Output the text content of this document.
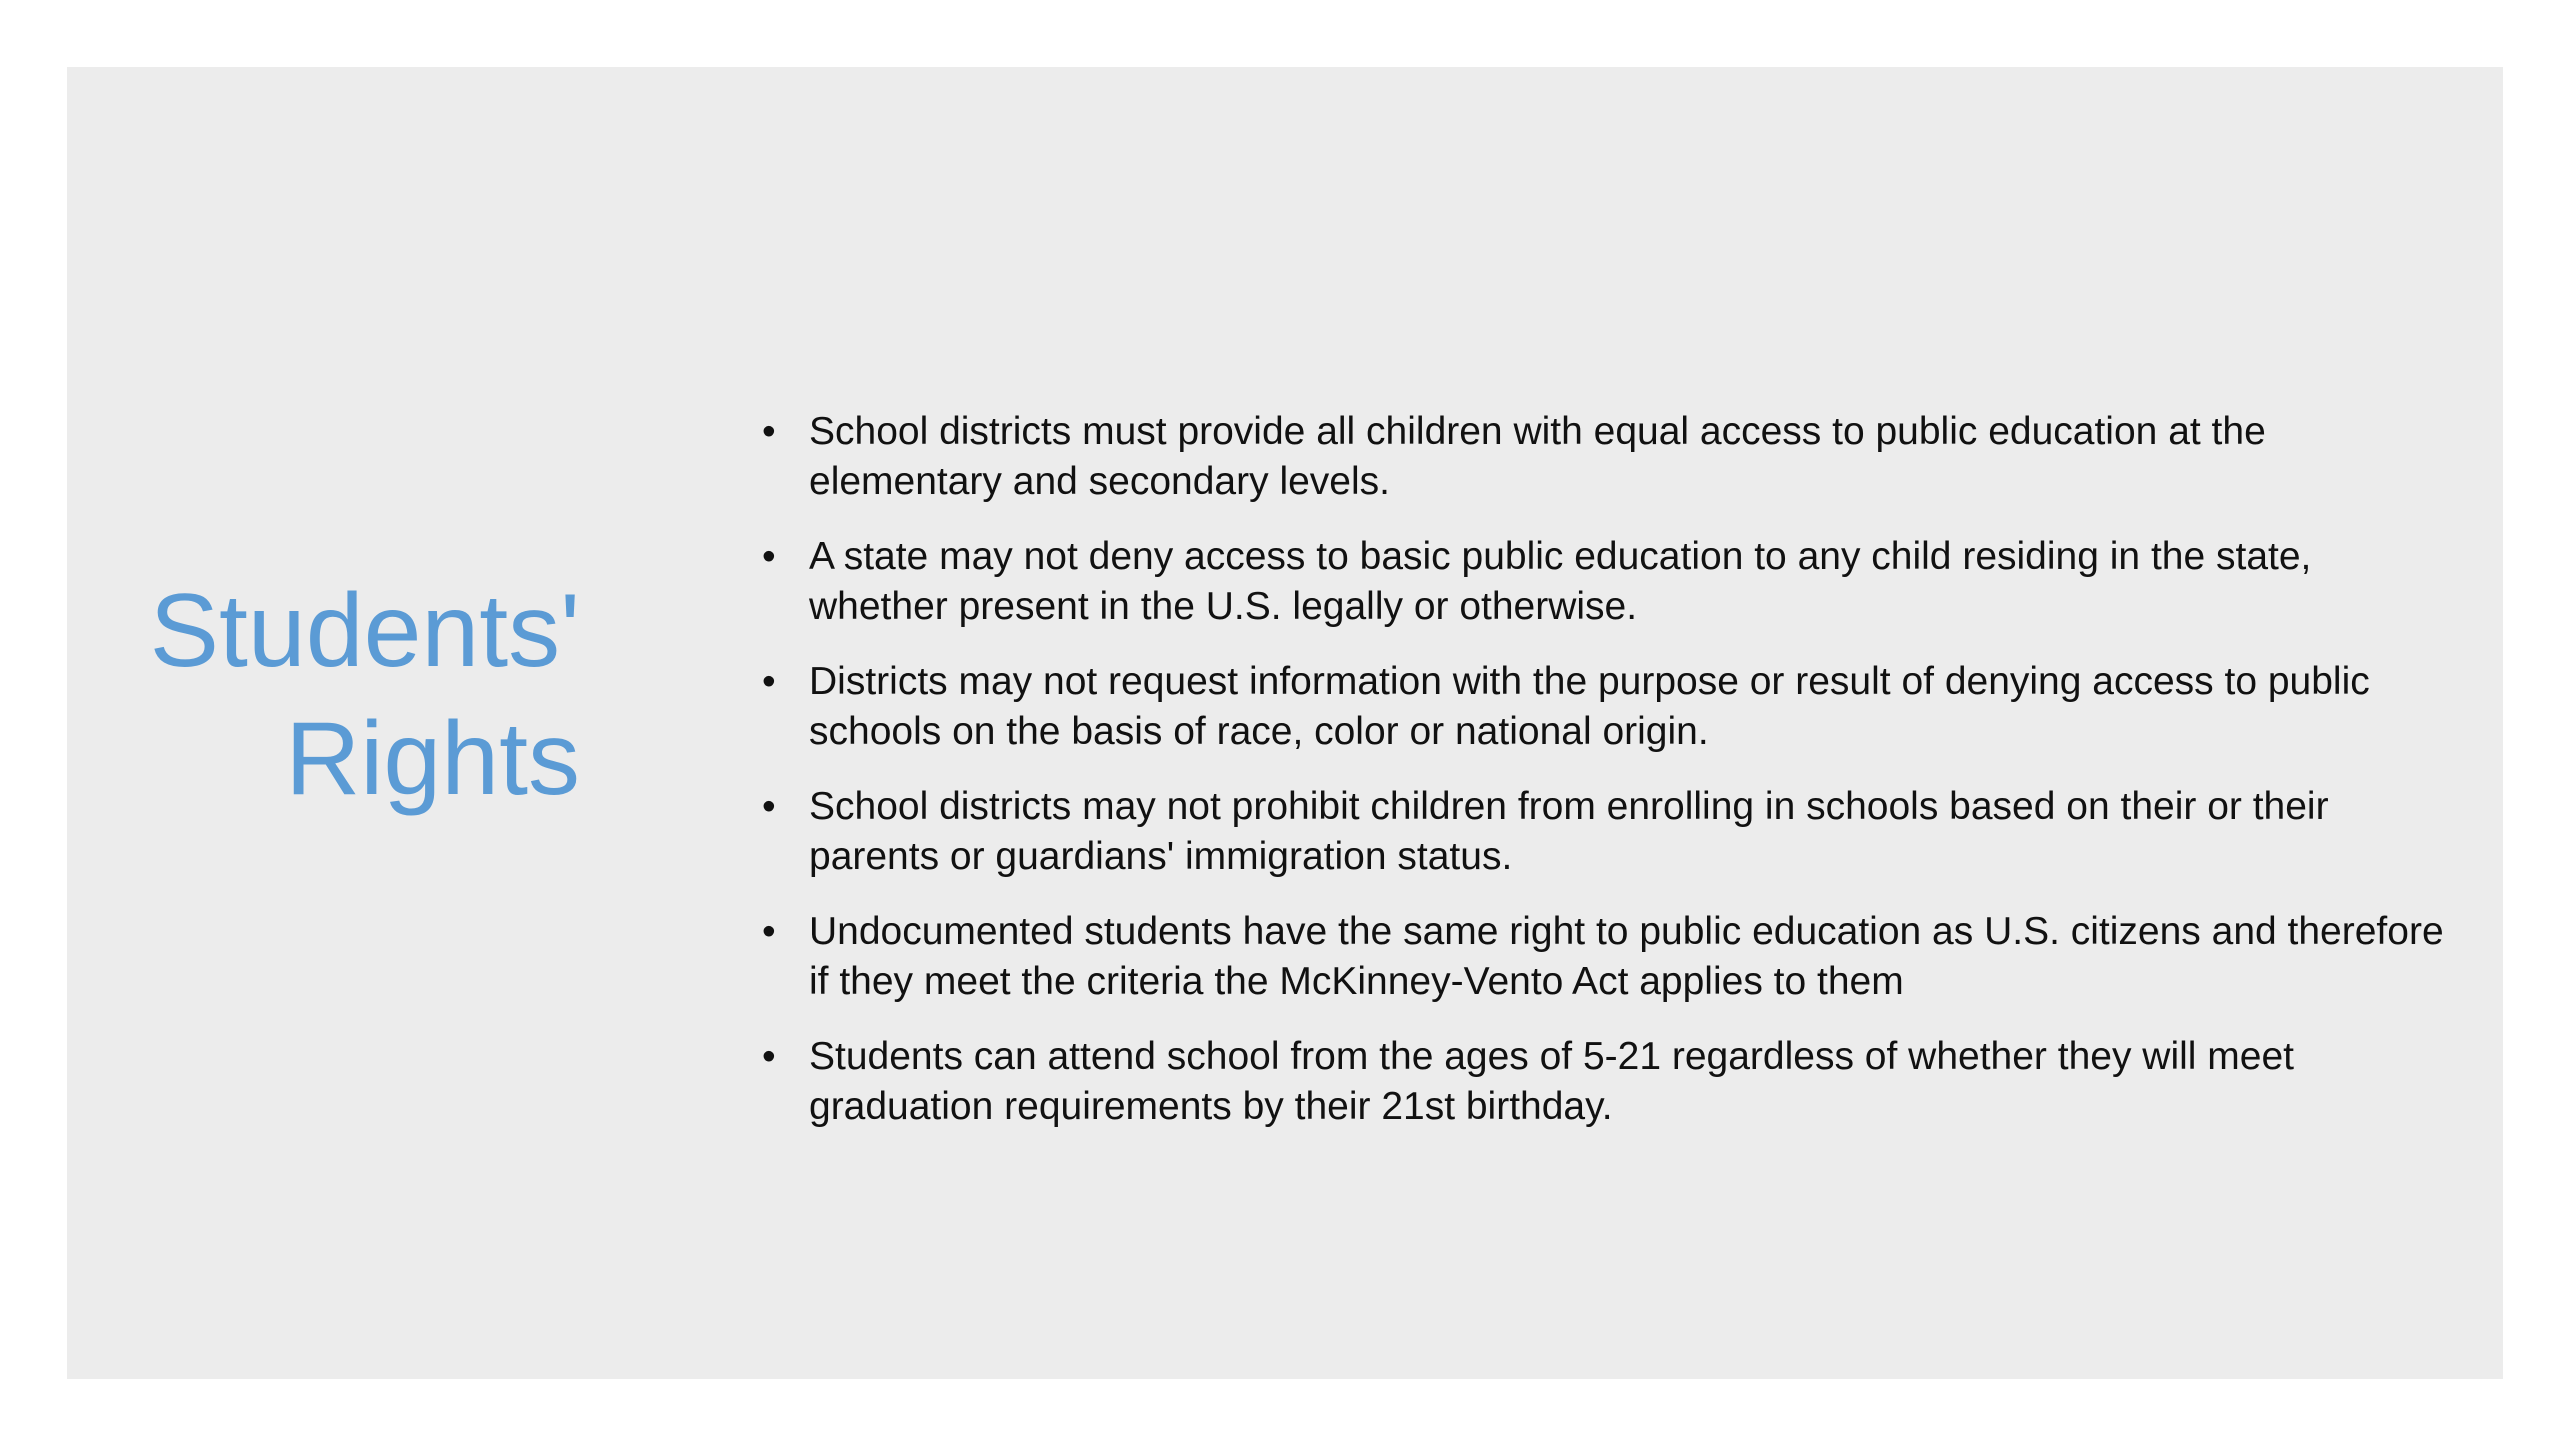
Students'
Rights
• School districts must provide all children with equal access to public education at the elementary and secondary levels.
• A state may not deny access to basic public education to any child residing in the state, whether present in the U.S. legally or otherwise.
• Districts may not request information with the purpose or result of denying access to public schools on the basis of race, color or national origin.
• School districts may not prohibit children from enrolling in schools based on their or their parents or guardians' immigration status.
• Undocumented students have the same right to public education as U.S. citizens and therefore if they meet the criteria the McKinney-Vento Act applies to them
• Students can attend school from the ages of 5-21 regardless of whether they will meet graduation requirements by their 21st birthday.
